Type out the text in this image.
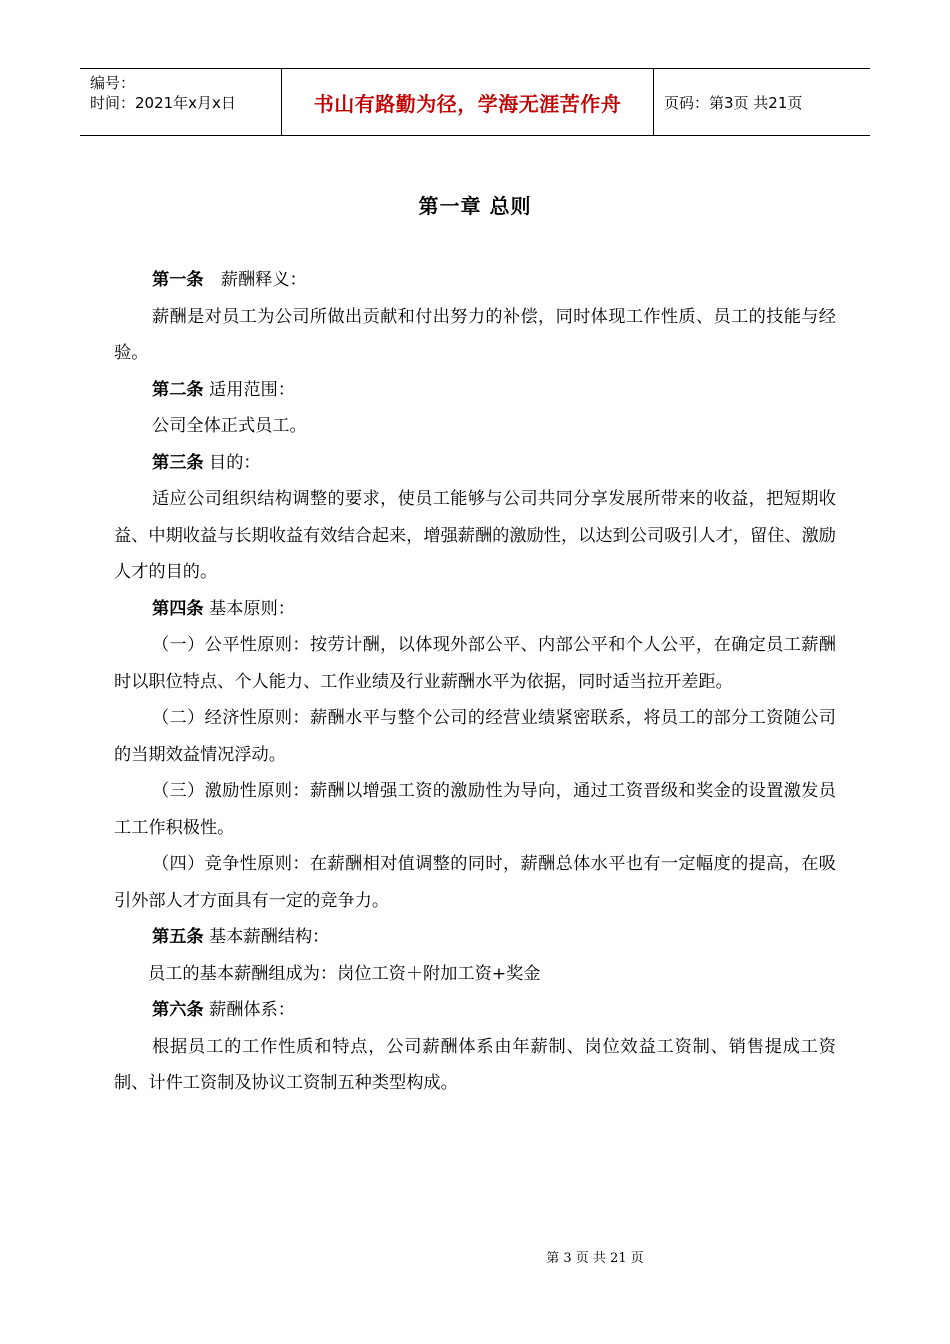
编号：
时间：2021年x月x日	书山有路勤为径，学海无涯苦作舟	页码：第3页 共21页
第一章 总则

第一条　 薪酬释义：

薪酬是对员工为公司所做出贡献和付出努力的补偿，同时体现工作性质、员工的技能与经验。

第二条 适用范围：

公司全体正式员工。

第三条 目的：

适应公司组织结构调整的要求，使员工能够与公司共同分享发展所带来的收益，把短期收益、中期收益与长期收益有效结合起来，增强薪酬的激励性，以达到公司吸引人才，留住、激励人才的目的。

第四条 基本原则：

（一）公平性原则：按劳计酬，以体现外部公平、内部公平和个人公平，在确定员工薪酬时以职位特点、个人能力、工作业绩及行业薪酬水平为依据，同时适当拉开差距。

（二）经济性原则：薪酬水平与整个公司的经营业绩紧密联系，将员工的部分工资随公司的当期效益情况浮动。

（三）激励性原则：薪酬以增强工资的激励性为导向，通过工资晋级和奖金的设置激发员工工作积极性。

（四）竞争性原则：在薪酬相对值调整的同时，薪酬总体水平也有一定幅度的提高，在吸引外部人才方面具有一定的竞争力。

第五条 基本薪酬结构：

员工的基本薪酬组成为：岗位工资＋附加工资+奖金

第六条 薪酬体系：

根据员工的工作性质和特点，公司薪酬体系由年薪制、岗位效益工资制、销售提成工资制、计件工资制及协议工资制五种类型构成。

第 3 页 共 21 页
